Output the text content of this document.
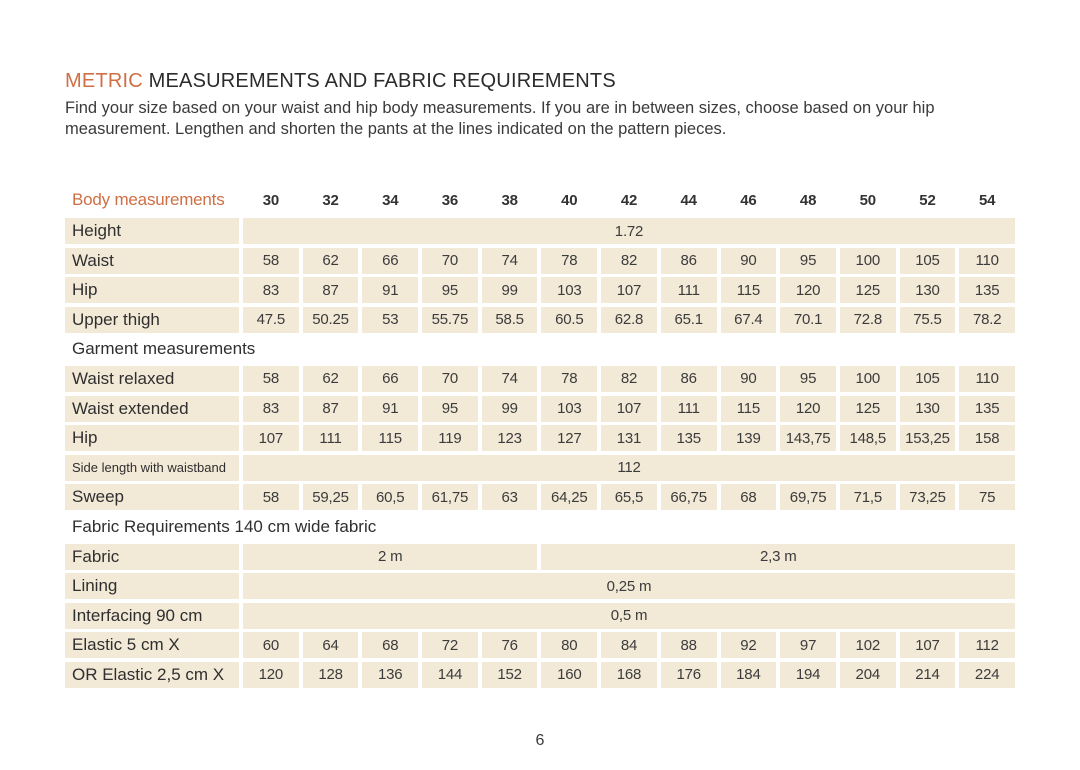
METRIC MEASUREMENTS AND FABRIC REQUIREMENTS
Find your size based on your waist and hip body measurements. If you are in between sizes, choose based on your hip
measurement. Lengthen and shorten the pants at the lines indicated on the pattern pieces.
Body measurements	30	32	34	36	38	40	42	44	46	48	50	52	54
Height	1.72
Waist	58	62	66	70	74	78	82	86	90	95	100	105	110
Hip	83	87	91	95	99	103	107	111	115	120	125	130	135
Upper thigh	47.5	50.25	53	55.75	58.5	60.5	62.8	65.1	67.4	70.1	72.8	75.5	78.2
Garment measurements
Waist relaxed	58	62	66	70	74	78	82	86	90	95	100	105	110
Waist extended	83	87	91	95	99	103	107	111	115	120	125	130	135
Hip	107	111	115	119	123	127	131	135	139	143,75	148,5	153,25	158
Side length with waistband	112
Sweep	58	59,25	60,5	61,75	63	64,25	65,5	66,75	68	69,75	71,5	73,25	75
Fabric Requirements 140 cm wide fabric
Fabric	2 m	2,3 m
Lining	0,25 m
Interfacing 90 cm	0,5 m
Elastic 5 cm X	60	64	68	72	76	80	84	88	92	97	102	107	112
OR Elastic 2,5 cm X	120	128	136	144	152	160	168	176	184	194	204	214	224
6
